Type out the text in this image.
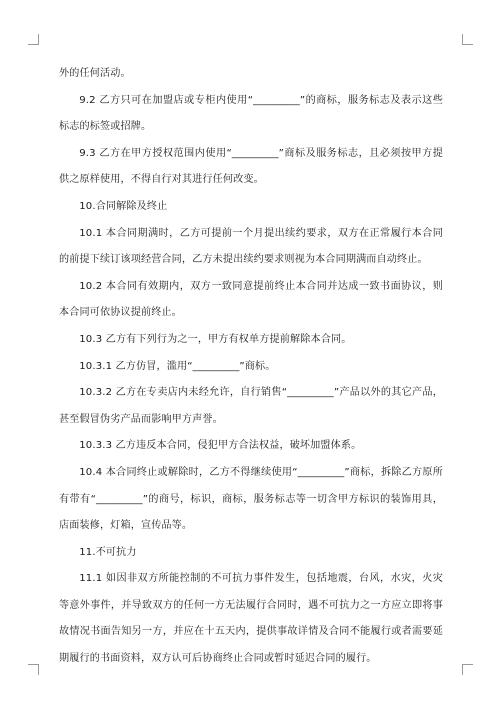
外的任何活动。

9.2 乙方只可在加盟店或专柜内使用“_________”的商标，服务标志及表示这些标志的标签或招牌。

9.3 乙方在甲方授权范围内使用“_________”商标及服务标志，且必须按甲方提供之原样使用，不得自行对其进行任何改变。

10.合同解除及终止

10.1 本合同期满时，乙方可提前一个月提出续约要求，双方在正常履行本合同的前提下续订该项经营合同，乙方未提出续约要求则视为本合同期满而自动终止。

10.2 本合同有效期内，双方一致同意提前终止本合同并达成一致书面协议，则本合同可依协议提前终止。

10.3 乙方有下列行为之一，甲方有权单方提前解除本合同。

10.3.1 乙方仿冒，滥用“_________”商标。

10.3.2 乙方在专卖店内未经允许，自行销售“_________”产品以外的其它产品，甚至假冒伪劣产品而影响甲方声誉。

10.3.3 乙方违反本合同，侵犯甲方合法权益，破坏加盟体系。

10.4 本合同终止或解除时，乙方不得继续使用“_________”商标，拆除乙方原所有带有“_________”的商号，标识，商标，服务标志等一切含甲方标识的装饰用具，店面装修，灯箱，宣传品等。

11.不可抗力

11.1 如因非双方所能控制的不可抗力事件发生，包括地震，台风，水灾，火灾等意外事件，并导致双方的任何一方无法履行合同时，遇不可抗力之一方应立即将事故情况书面告知另一方，并应在十五天内，提供事故详情及合同不能履行或者需要延期履行的书面资料，双方认可后协商终止合同或暂时延迟合同的履行。
